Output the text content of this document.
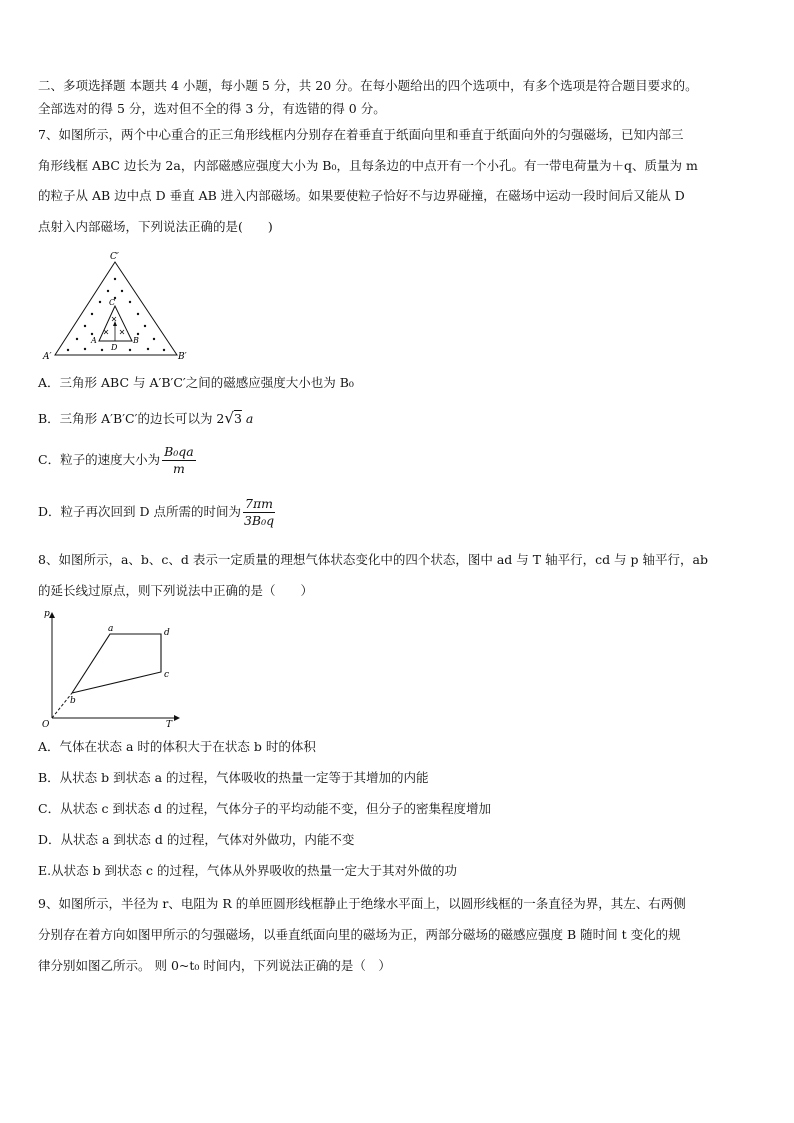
二、多项选择题 本题共 4 小题，每小题 5 分，共 20 分。在每小题给出的四个选项中，有多个选项是符合题目要求的。
全部选对的得 5 分，选对但不全的得 3 分，有选错的得 0 分。
7、如图所示，两个中心重合的正三角形线框内分别存在着垂直于纸面向里和垂直于纸面向外的匀强磁场，已知内部三
角形线框 ABC 边长为 2a，内部磁感应强度大小为 B₀，且每条边的中点开有一个小孔。有一带电荷量为＋q、质量为 m
的粒子从 AB 边中点 D 垂直 AB 进入内部磁场。如果要使粒子恰好不与边界碰撞，在磁场中运动一段时间后又能从 D
点射入内部磁场，下列说法正确的是(　　)
C′
A′	B′
C
A	B
D
A．三角形 ABC 与 A′B′C′之间的磁感应强度大小也为 B₀
B．三角形 A′B′C′的边长可以为 2√3 a
C．粒子的速度大小为 $\frac{\text{B₀qa}}{m}$
D．粒子再次回到 D 点所需的时间为 $\frac{7\pi m}{\text{3B₀q}}$
8、如图所示，a、b、c、d 表示一定质量的理想气体状态变化中的四个状态，图中 ad 与 T 轴平行，cd 与 p 轴平行，ab
的延长线过原点，则下列说法中正确的是（　　）
p
T
O
a	d
c
b
A．气体在状态 a 时的体积大于在状态 b 时的体积
B．从状态 b 到状态 a 的过程，气体吸收的热量一定等于其增加的内能
C．从状态 c 到状态 d 的过程，气体分子的平均动能不变，但分子的密集程度增加
D．从状态 a 到状态 d 的过程，气体对外做功，内能不变
E.从状态 b 到状态 c 的过程，气体从外界吸收的热量一定大于其对外做的功
9、如图所示，半径为 r、电阻为 R 的单匝圆形线框静止于绝缘水平面上，以圆形线框的一条直径为界，其左、右两侧
分别存在着方向如图甲所示的匀强磁场，以垂直纸面向里的磁场为正，两部分磁场的磁感应强度 B 随时间 t 变化的规
律分别如图乙所示。 则 0~t₀ 时间内，下列说法正确的是（　）
